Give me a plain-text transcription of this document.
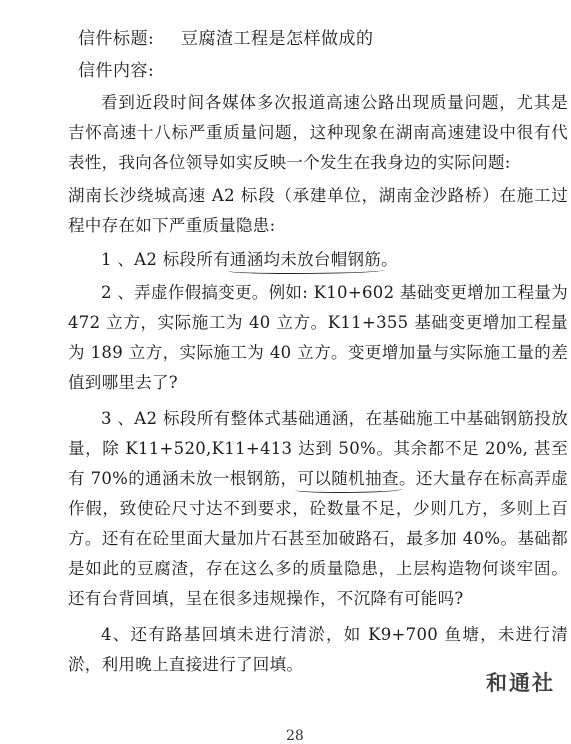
信件标题: 豆腐渣工程是怎样做成的
信件内容:

看到近段时间各媒体多次报道高速公路出现质量问题，尤其是吉怀高速十八标严重质量问题，这种现象在湖南高速建设中很有代表性，我向各位领导如实反映一个发生在我身边的实际问题:

湖南长沙绕城高速 A2 标段（承建单位，湖南金沙路桥）在施工过程中存在如下严重质量隐患:

1 、A2 标段所有通涵均未放台帽钢筋。

2 、弄虚作假搞变更。例如: K10+602 基础变更增加工程量为 472 立方，实际施工为 40 立方。K11+355 基础变更增加工程量为 189 立方，实际施工为 40 立方。变更增加量与实际施工量的差值到哪里去了?

3 、A2 标段所有整体式基础通涵，在基础施工中基础钢筋投放量，除 K11+520,K11+413 达到 50%。其余都不足 20%, 甚至有 70%的通涵未放一根钢筋，可以随机抽查。还大量存在标高弄虚作假，致使砼尺寸达不到要求，砼数量不足，少则几方，多则上百方。还有在砼里面大量加片石甚至加破路石，最多加 40%。基础都是如此的豆腐渣，存在这么多的质量隐患，上层构造物何谈牢固。还有台背回填，呈在很多违规操作，不沉降有可能吗?

4、还有路基回填未进行清淤，如 K9+700 鱼塘，未进行清淤，利用晚上直接进行了回填。

和通社
28
